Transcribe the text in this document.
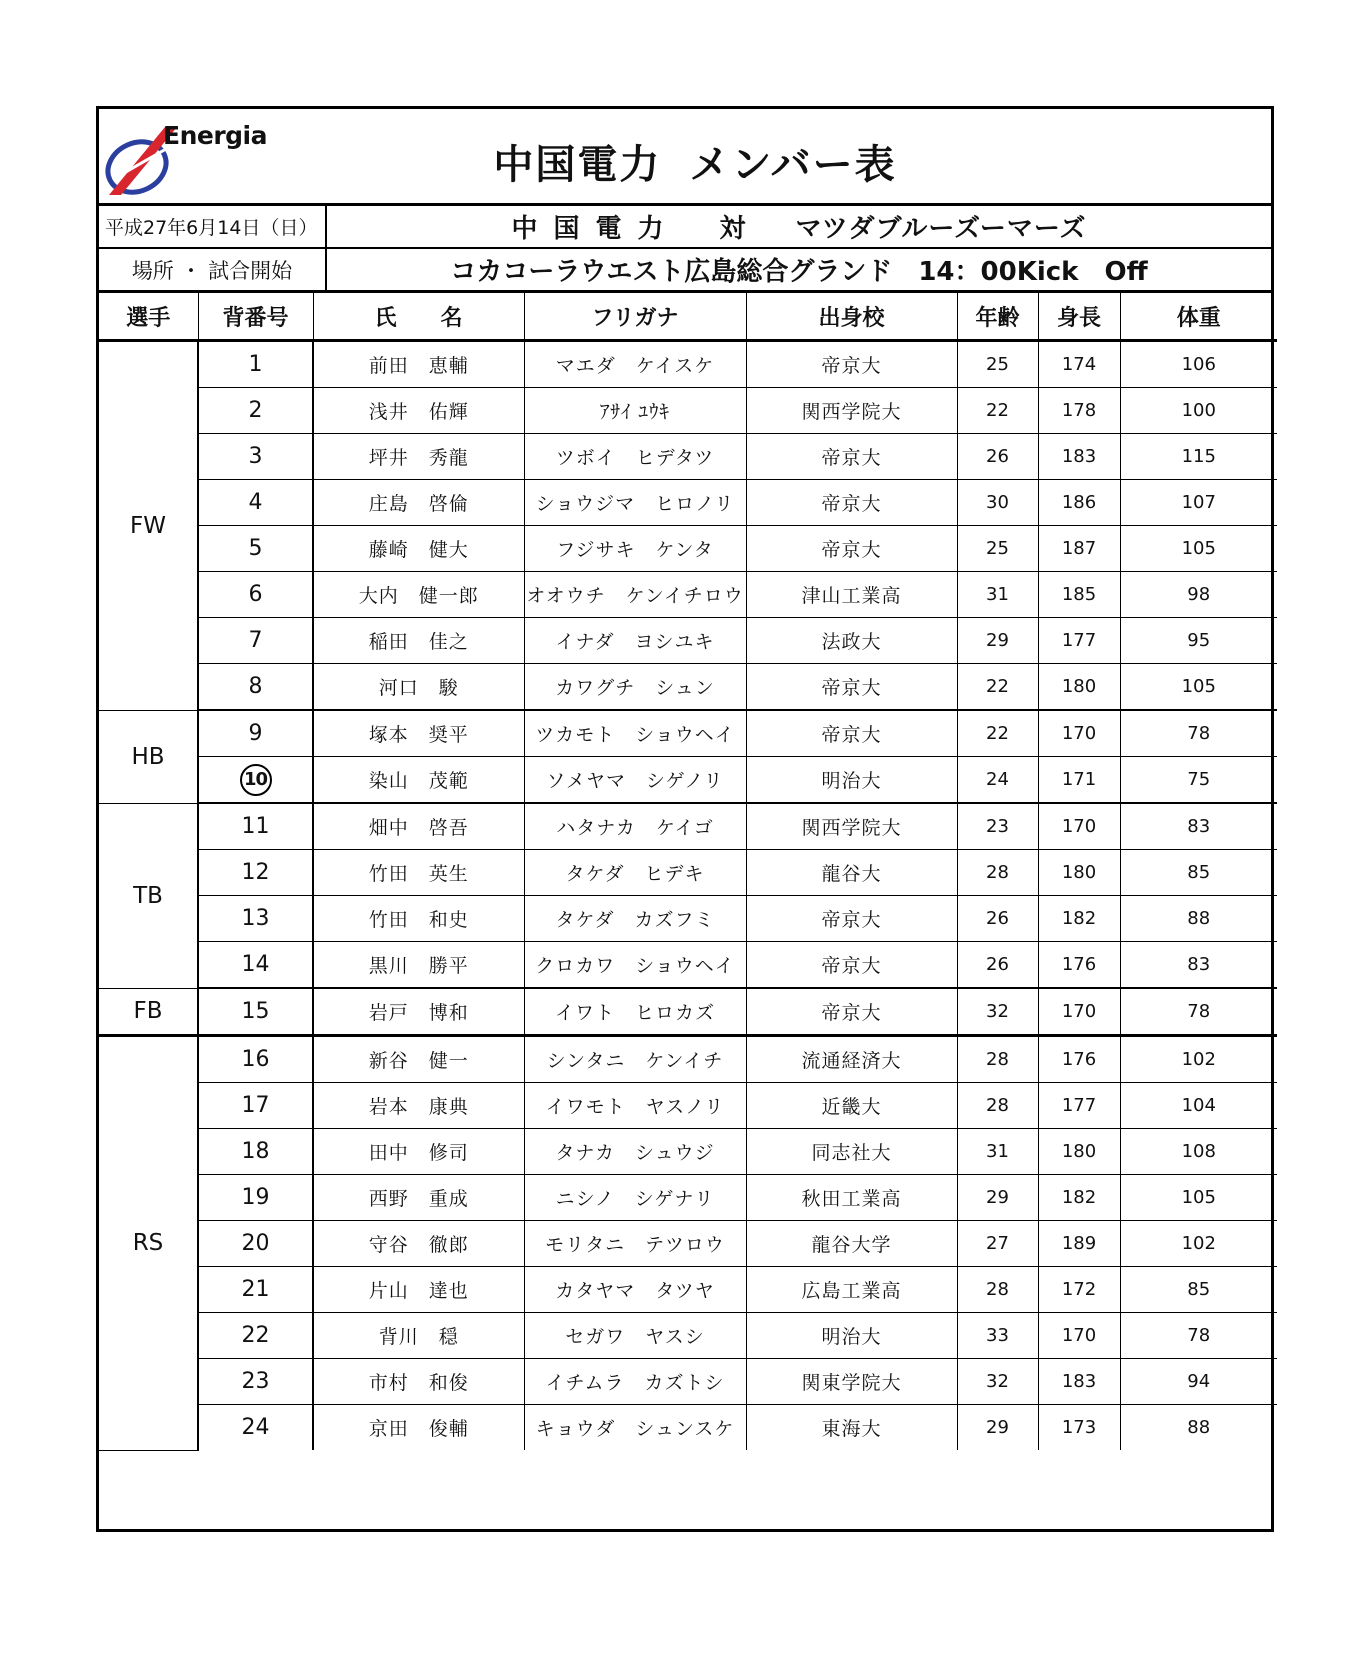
Energia
中国電力 メンバー表
平成27年6月14日（日）	中国電力 対 マツダブルーズーマーズ
場所 ・ 試合開始	コカコーラウエスト広島総合グランド　14：00Kick　Off
選手	背番号	氏　　名	フリガナ	出身校	年齢	身長	体重
FW	1	前田　恵輔	マエダ　ケイスケ	帝京大	25	174	106
	2	浅井　佑輝	ｱｻｲ ﾕｳｷ	関西学院大	22	178	100
	3	坪井　秀龍	ツボイ　ヒデタツ	帝京大	26	183	115
	4	庄島　啓倫	ショウジマ　ヒロノリ	帝京大	30	186	107
	5	藤崎　健大	フジサキ　ケンタ	帝京大	25	187	105
	6	大内　健一郎	オオウチ　ケンイチロウ	津山工業高	31	185	98
	7	稲田　佳之	イナダ　ヨシユキ	法政大	29	177	95
	8	河口　駿	カワグチ　シュン	帝京大	22	180	105
HB	9	塚本　奨平	ツカモト　ショウヘイ	帝京大	22	170	78
	10	染山　茂範	ソメヤマ　シゲノリ	明治大	24	171	75
TB	11	畑中　啓吾	ハタナカ　ケイゴ	関西学院大	23	170	83
	12	竹田　英生	タケダ　ヒデキ	龍谷大	28	180	85
	13	竹田　和史	タケダ　カズフミ	帝京大	26	182	88
	14	黒川　勝平	クロカワ　ショウヘイ	帝京大	26	176	83
FB	15	岩戸　博和	イワト　ヒロカズ	帝京大	32	170	78
RS	16	新谷　健一	シンタニ　ケンイチ	流通経済大	28	176	102
	17	岩本　康典	イワモト　ヤスノリ	近畿大	28	177	104
	18	田中　修司	タナカ　シュウジ	同志社大	31	180	108
	19	西野　重成	ニシノ　シゲナリ	秋田工業高	29	182	105
	20	守谷　徹郎	モリタニ　テツロウ	龍谷大学	27	189	102
	21	片山　達也	カタヤマ　タツヤ	広島工業高	28	172	85
	22	背川　穏	セガワ　ヤスシ	明治大	33	170	78
	23	市村　和俊	イチムラ　カズトシ	関東学院大	32	183	94
	24	京田　俊輔	キョウダ　シュンスケ	東海大	29	173	88
